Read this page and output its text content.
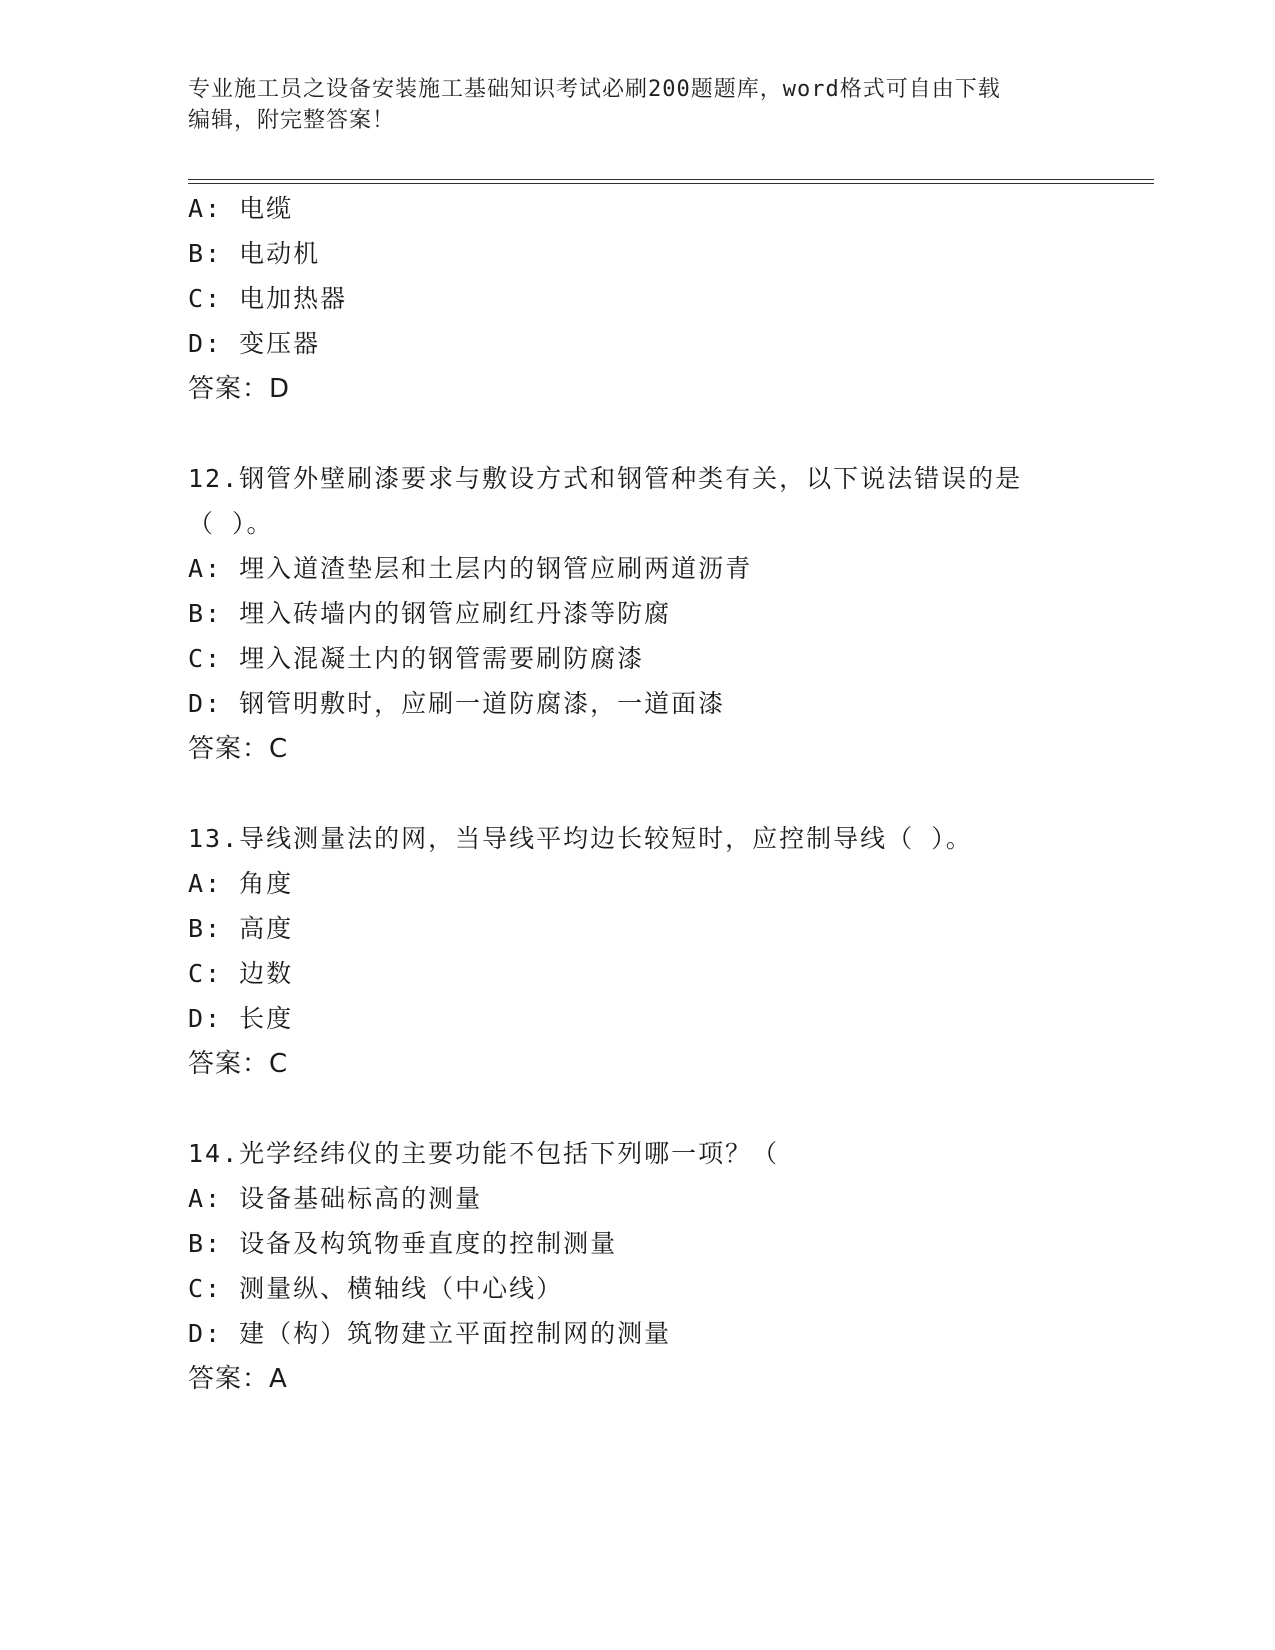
专业施工员之设备安装施工基础知识考试必刷200题题库，word格式可自由下载
编辑，附完整答案！
A: 电缆
B: 电动机
C: 电加热器
D: 变压器
答案：D
12.钢管外壁刷漆要求与敷设方式和钢管种类有关，以下说法错误的是
（ ）。
A: 埋入道渣垫层和土层内的钢管应刷两道沥青
B: 埋入砖墙内的钢管应刷红丹漆等防腐
C: 埋入混凝土内的钢管需要刷防腐漆
D: 钢管明敷时，应刷一道防腐漆，一道面漆
答案：C
13.导线测量法的网，当导线平均边长较短时，应控制导线（ ）。
A: 角度
B: 高度
C: 边数
D: 长度
答案：C
14.光学经纬仪的主要功能不包括下列哪一项？（
A: 设备基础标高的测量
B: 设备及构筑物垂直度的控制测量
C: 测量纵、横轴线（中心线）
D: 建（构）筑物建立平面控制网的测量
答案：A
